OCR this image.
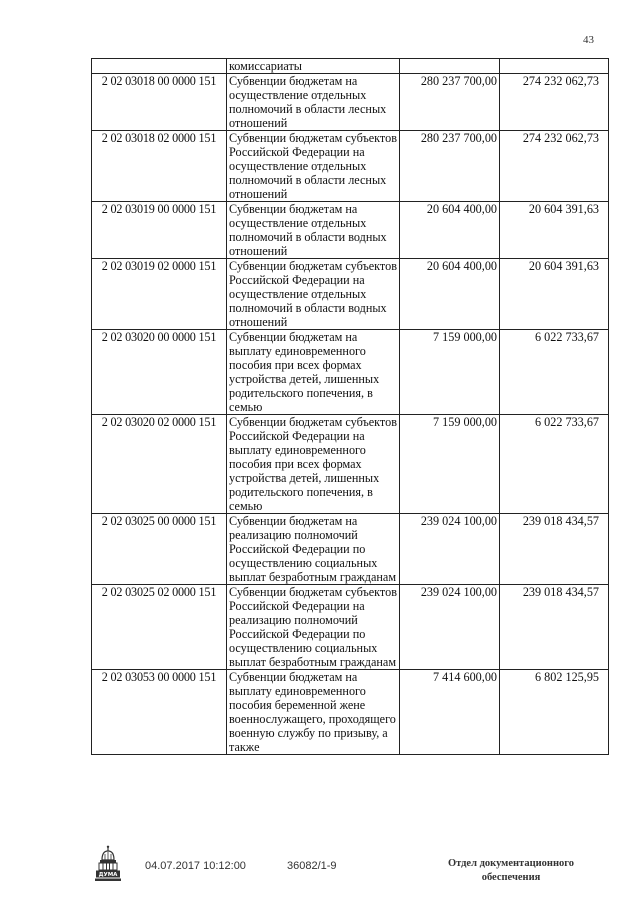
43
	комиссариаты		
2 02 03018 00 0000 151	Субвенции бюджетам на осуществление отдельных полномочий в области лесных отношений	280 237 700,00	274 232 062,73
2 02 03018 02 0000 151	Субвенции бюджетам субъектов Российской Федерации на осуществление отдельных полномочий в области лесных отношений	280 237 700,00	274 232 062,73
2 02 03019 00 0000 151	Субвенции бюджетам на осуществление отдельных полномочий в области водных отношений	20 604 400,00	20 604 391,63
2 02 03019 02 0000 151	Субвенции бюджетам субъектов Российской Федерации на осуществление отдельных полномочий в области водных отношений	20 604 400,00	20 604 391,63
2 02 03020 00 0000 151	Субвенции бюджетам на выплату единовременного пособия при всех формах устройства детей, лишенных родительского попечения, в семью	7 159 000,00	6 022 733,67
2 02 03020 02 0000 151	Субвенции бюджетам субъектов Российской Федерации на выплату единовременного пособия при всех формах устройства детей, лишенных родительского попечения, в семью	7 159 000,00	6 022 733,67
2 02 03025 00 0000 151	Субвенции бюджетам на реализацию полномочий Российской Федерации по осуществлению социальных выплат безработным гражданам	239 024 100,00	239 018 434,57
2 02 03025 02 0000 151	Субвенции бюджетам субъектов Российской Федерации на реализацию полномочий Российской Федерации по осуществлению социальных выплат безработным гражданам	239 024 100,00	239 018 434,57
2 02 03053 00 0000 151	Субвенции бюджетам на выплату единовременного пособия беременной жене военнослужащего, проходящего военную службу по призыву, а также	7 414 600,00	6 802 125,95
ДУМА
04.07.2017 10:12:00	36082/1-9	Отдел документационного обеспечения
